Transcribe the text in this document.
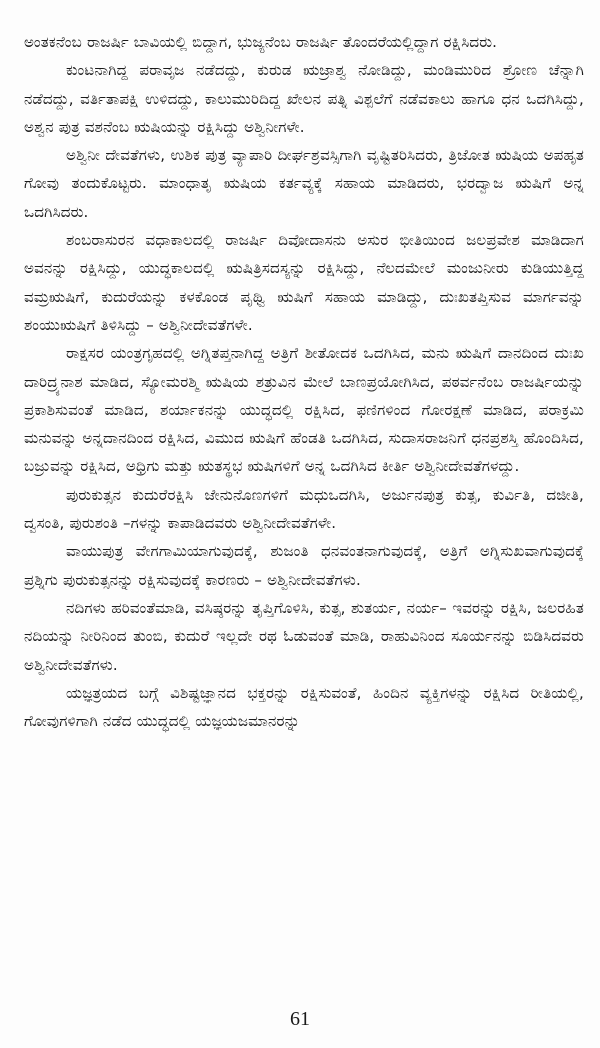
ಅಂತಕನೆಂಬ ರಾಜರ್ಷಿ ಬಾವಿಯಲ್ಲಿ ಬಿದ್ದಾಗ, ಭುಜ್ಯನೆಂಬ ರಾಜರ್ಷಿ ತೊಂದರೆಯಲ್ಲಿದ್ದಾಗ ರಕ್ಷಿಸಿದರು.

ಕುಂಟನಾಗಿದ್ದ ಪರಾವೃಜ ನಡೆದದ್ದು, ಕುರುಡ ಋಜ್ರಾಶ್ವ ನೋಡಿದ್ದು, ಮಂಡಿಮುರಿದ ಶ್ರೋಣ ಚೆನ್ನಾಗಿ ನಡೆದದ್ದು, ವರ್ತಿತಾಪಕ್ಷಿ ಉಳಿದದ್ದು, ಕಾಲುಮುರಿದಿದ್ದ ಖೇಲನ ಪತ್ನಿ ವಿಶ್ಪಲೆಗೆ ನಡೆವಕಾಲು ಹಾಗೂ ಧನ ಒದಗಿಸಿದ್ದು, ಅಶ್ವನ ಪುತ್ರ ವಶನೆಂಬ ಋಷಿಯನ್ನು ರಕ್ಷಿಸಿದ್ದು ಅಶ್ವಿನೀಗಳೇ.

ಅಶ್ವಿನೀ ದೇವತೆಗಳು, ಉಶಿಕ ಪುತ್ರ ವ್ಯಾಪಾರಿ ದೀರ್ಘಶ್ರವಸ್ಸಿಗಾಗಿ ವೃಷ್ಟಿತರಿಸಿದರು, ತ್ರಿಜೋತ ಋಷಿಯ ಅಪಹೃತ ಗೋವು ತಂದುಕೊಟ್ಟರು. ಮಾಂಧಾತೃ ಋಷಿಯ ಕರ್ತವ್ಯಕ್ಕೆ ಸಹಾಯ ಮಾಡಿದರು, ಭರದ್ವಾಜ ಋಷಿಗೆ ಅನ್ನ ಒದಗಿಸಿದರು.

ಶಂಬರಾಸುರನ ವಧಾಕಾಲದಲ್ಲಿ ರಾಜರ್ಷಿ ದಿವೋದಾಸನು ಅಸುರ ಭೀತಿಯಿಂದ ಜಲಪ್ರವೇಶ ಮಾಡಿದಾಗ ಅವನನ್ನು ರಕ್ಷಿಸಿದ್ದು, ಯುದ್ಧಕಾಲದಲ್ಲಿ ಋಷಿತ್ರಿಸದಸ್ಯನ್ನು ರಕ್ಷಿಸಿದ್ದು, ನೆಲದಮೇಲೆ ಮಂಜುನೀರು ಕುಡಿಯುತ್ತಿದ್ದ ವಮ್ರಋಷಿಗೆ, ಕುದುರೆಯನ್ನು ಕಳಕೊಂಡ ಪೃಥ್ವಿ ಋಷಿಗೆ ಸಹಾಯ ಮಾಡಿದ್ದು, ದುಃಖತಪ್ತಿಸುವ ಮಾರ್ಗವನ್ನು ಶಂಯುಋಷಿಗೆ ತಿಳಿಸಿದ್ದು – ಅಶ್ವಿನೀದೇವತೆಗಳೇ.

ರಾಕ್ಷಸರ ಯಂತ್ರಗೃಹದಲ್ಲಿ ಅಗ್ನಿತಪ್ತನಾಗಿದ್ದ ಅತ್ರಿಗೆ ಶೀತೋದಕ ಒದಗಿಸಿದ, ಮನು ಋಷಿಗೆ ದಾನದಿಂದ ದುಃಖ ದಾರಿದ್ರ್ಯನಾಶ ಮಾಡಿದ, ಸ್ಯೋಮರಶ್ಮಿ ಋಷಿಯ ಶತ್ರುವಿನ ಮೇಲೆ ಬಾಣಪ್ರಯೋಗಿಸಿದ, ಪಠರ್ವನೆಂಬ ರಾಜರ್ಷಿಯನ್ನು ಪ್ರಕಾಶಿಸುವಂತೆ ಮಾಡಿದ, ಶರ್ಯಾಕನನ್ನು ಯುದ್ಧದಲ್ಲಿ ರಕ್ಷಿಸಿದ, ಫಣಿಗಳಿಂದ ಗೋರಕ್ಷಣೆ ಮಾಡಿದ, ಪರಾಕ್ರಮಿ ಮನುವನ್ನು ಅನ್ನದಾನದಿಂದ ರಕ್ಷಿಸಿದ, ವಿಮುದ ಋಷಿಗೆ ಹೆಂಡತಿ ಒದಗಿಸಿದ, ಸುದಾಸರಾಜನಿಗೆ ಧನಪ್ರಶಸ್ತಿ ಹೊಂದಿಸಿದ, ಬಜ್ರುವನ್ನು ರಕ್ಷಿಸಿದ, ಅಧ್ರಿಗು ಮತ್ತು ಋತಸ್ಥಭ ಋಷಿಗಳಿಗೆ ಅನ್ನ ಒದಗಿಸಿದ ಕೀರ್ತಿ ಅಶ್ವಿನೀದೇವತೆಗಳದ್ದು.

ಪುರುಕುತ್ಸನ ಕುದುರೆರಕ್ಷಿಸಿ ಜೇನುನೊಣಗಳಿಗೆ ಮಧುಒದಗಿಸಿ, ಅರ್ಜುನಪುತ್ರ ಕುತ್ಸ, ಕುರ್ವಿತಿ, ದಜೀತಿ, ದ್ವಸಂತಿ, ಪುರುಶಂತಿ –ಗಳನ್ನು ಕಾಪಾಡಿದವರು ಅಶ್ವಿನೀದೇವತೆಗಳೇ.

ವಾಯುಪುತ್ರ ವೇಗಗಾಮಿಯಾಗುವುದಕ್ಕೆ, ಶುಜಂತಿ ಧನವಂತನಾಗುವುದಕ್ಕೆ, ಅತ್ರಿಗೆ ಅಗ್ನಿಸುಖವಾಗುವುದಕ್ಕೆ ಪ್ರಶ್ನಿಗು ಪುರುಕುತ್ಸನನ್ನು ರಕ್ಷಿಸುವುದಕ್ಕೆ ಕಾರಣರು – ಅಶ್ವಿನೀದೇವತೆಗಳು.

ನದಿಗಳು ಹರಿವಂತೆಮಾಡಿ, ವಸಿಷ್ಠರನ್ನು ತೃಪ್ತಿಗೊಳಿಸಿ, ಕುತ್ಸ, ಶುತರ್ಯ, ನರ್ಯ– ಇವರನ್ನು ರಕ್ಷಿಸಿ, ಜಲರಹಿತ ನದಿಯನ್ನು ನೀರಿನಿಂದ ತುಂಬಿ, ಕುದುರೆ ಇಲ್ಲದೇ ರಥ ಓಡುವಂತೆ ಮಾಡಿ, ರಾಹುವಿನಿಂದ ಸೂರ್ಯನನ್ನು ಬಿಡಿಸಿದವರು ಅಶ್ವಿನೀದೇವತೆಗಳು.

ಯಜ್ಞತ್ರಯದ ಬಗ್ಗೆ ವಿಶಿಷ್ಟಜ್ಞಾನದ ಭಕ್ತರನ್ನು ರಕ್ಷಿಸುವಂತೆ, ಹಿಂದಿನ ವ್ಯಕ್ತಿಗಳನ್ನು ರಕ್ಷಿಸಿದ ರೀತಿಯಲ್ಲಿ, ಗೋವುಗಳಿಗಾಗಿ ನಡೆದ ಯುದ್ಧದಲ್ಲಿ ಯಜ್ಞಯಜಮಾನರನ್ನು

61
